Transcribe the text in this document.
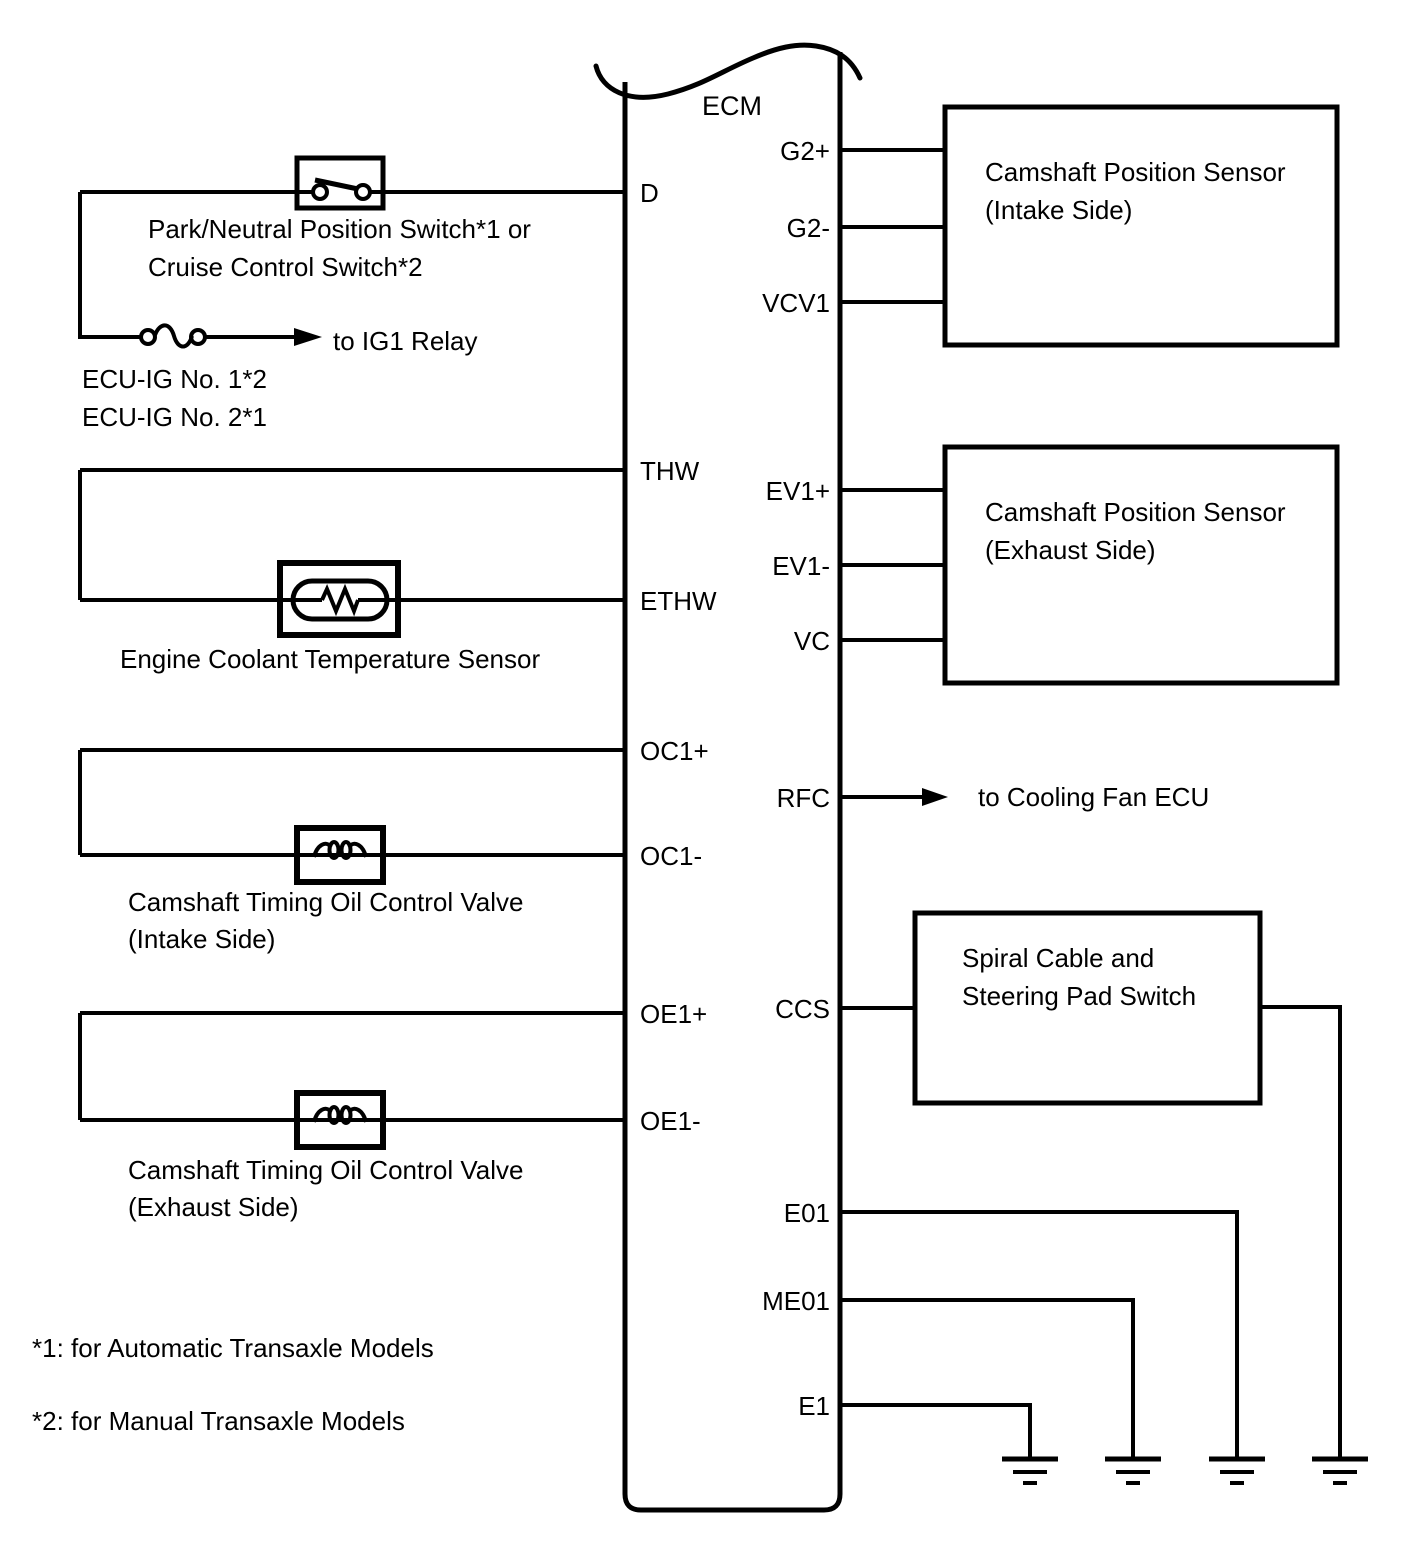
ECM
D
THW
ETHW
OC1+
OC1-
OE1+
OE1-
G2+
G2-
VCV1
EV1+
EV1-
VC
RFC
CCS
E01
ME01
E1
Park/Neutral Position Switch*1 or
Cruise Control Switch*2
to IG1 Relay
ECU-IG No. 1*2
ECU-IG No. 2*1
Engine Coolant Temperature Sensor
Camshaft Timing Oil Control Valve
(Intake Side)
Camshaft Timing Oil Control Valve
(Exhaust Side)
Camshaft Position Sensor
(Intake Side)
Camshaft Position Sensor
(Exhaust Side)
to Cooling Fan ECU
Spiral Cable and
Steering Pad Switch
*1: for Automatic Transaxle Models
*2: for Manual Transaxle Models
